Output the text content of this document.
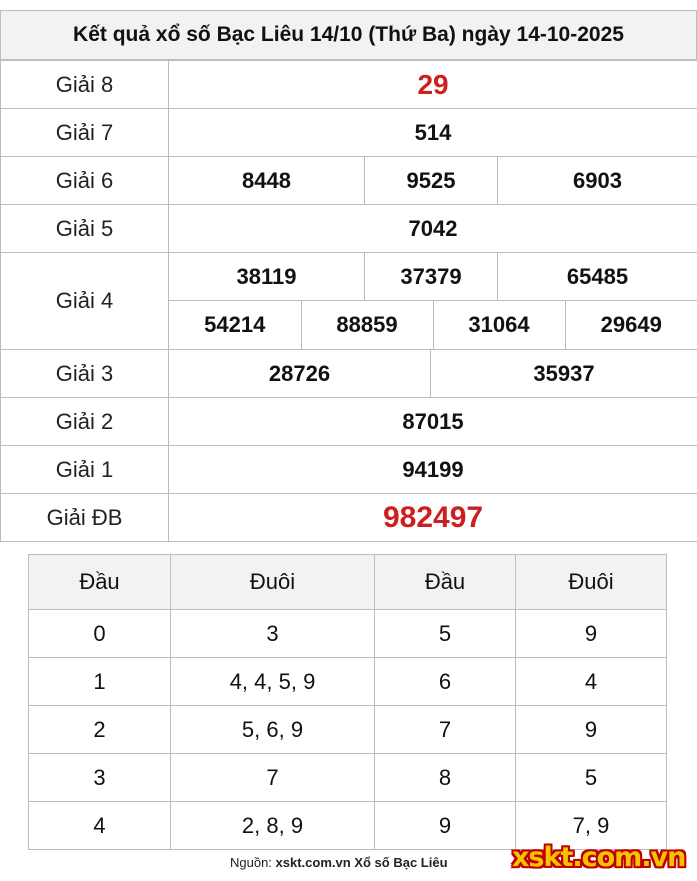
Kết quả xổ số Bạc Liêu 14/10 (Thứ Ba) ngày 14-10-2025
Giải 8	29
Giải 7	514
Giải 6	8448	9525	6903
Giải 5	7042
Giải 4	38119	37379	65485

54214	88859	31064	29649

Giải 3	28726	35937
Giải 2	87015
Giải 1	94199
Giải ĐB	982497
Đầu	Đuôi	Đầu	Đuôi
0	3	5	9
1	4, 4, 5, 9	6	4
2	5, 6, 9	7	9
3	7	8	5
4	2, 8, 9	9	7, 9
Nguồn: xskt.com.vn Xổ số Bạc Liêu xskt.com.vn
